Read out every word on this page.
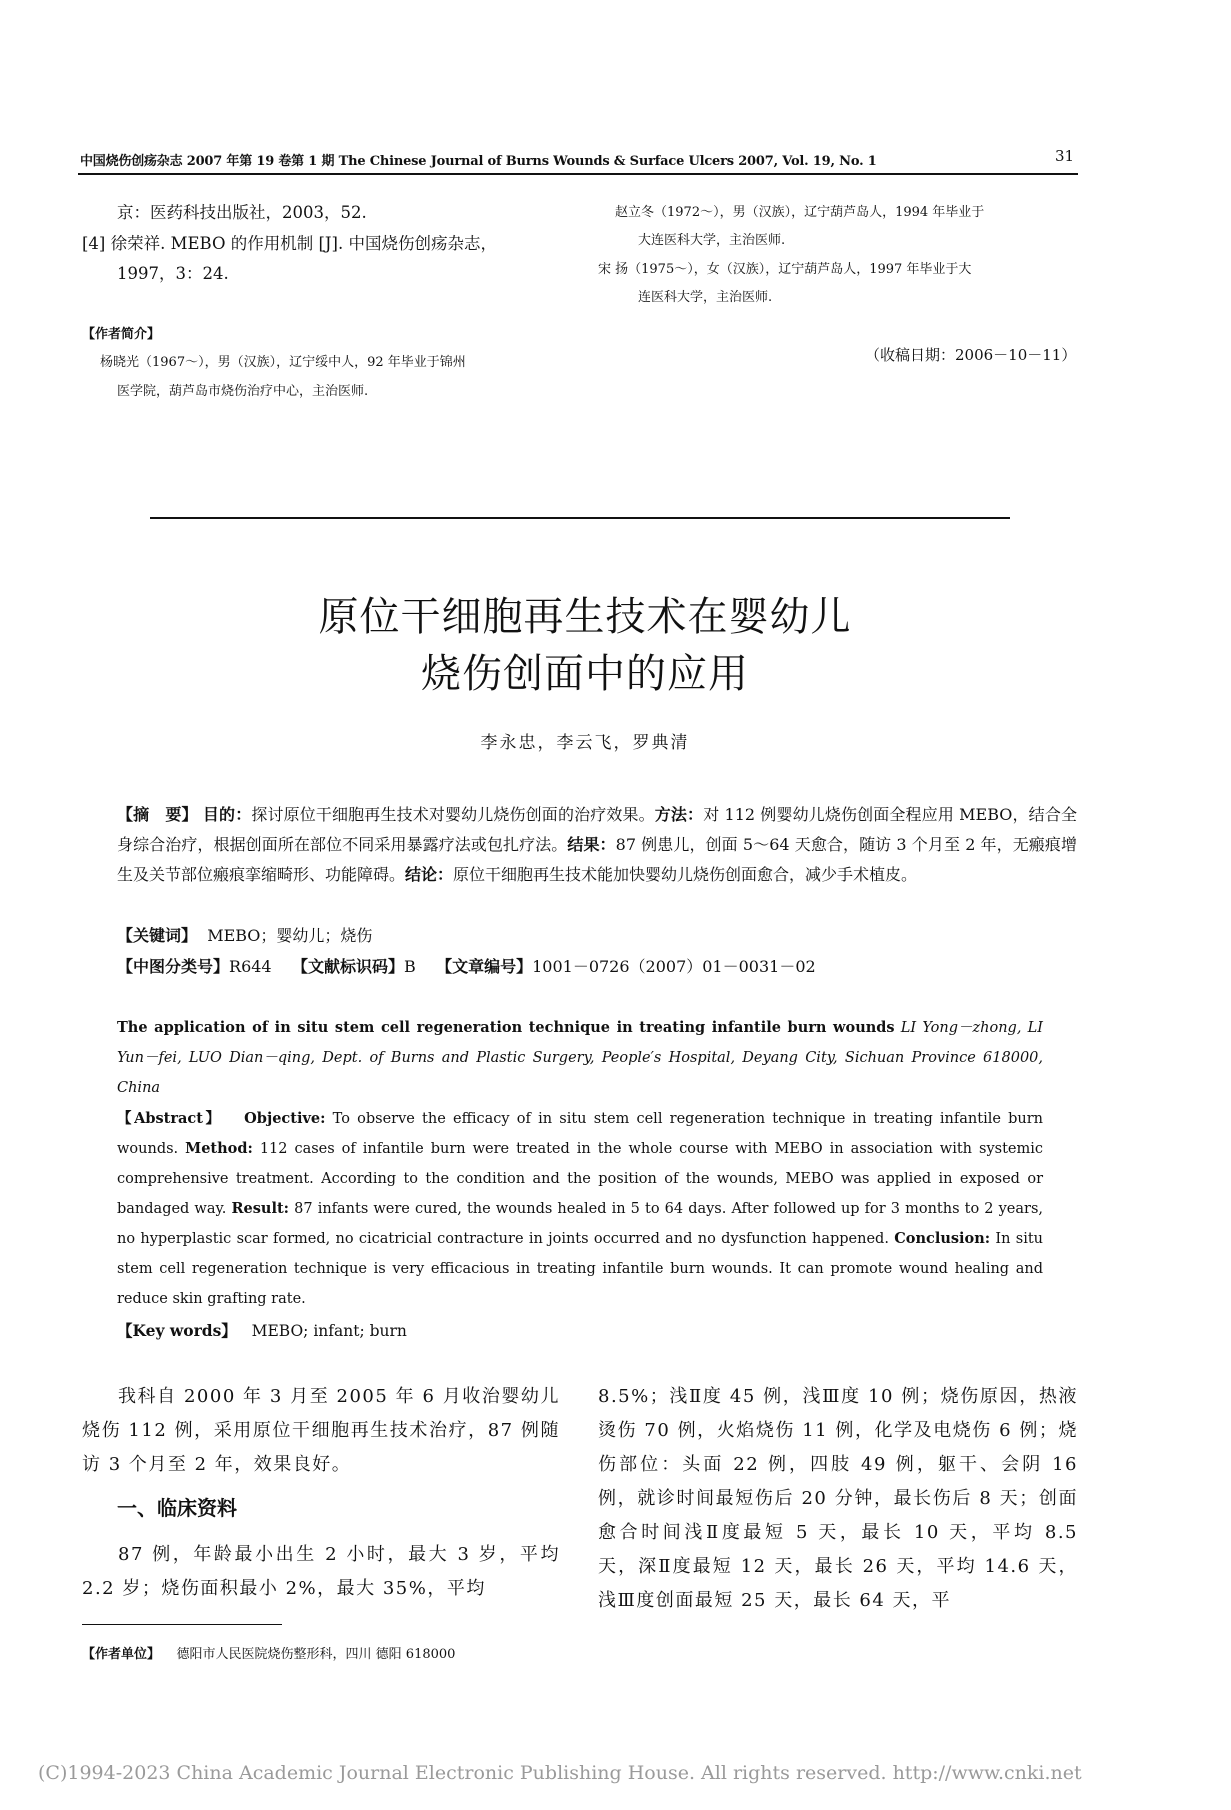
中国烧伤创疡杂志 2007 年第 19 卷第 1 期 The Chinese Journal of Burns Wounds & Surface Ulcers 2007, Vol. 19, No. 1	31
京：医药科技出版社，2003，52.
[4] 徐荣祥. MEBO 的作用机制 [J]. 中国烧伤创疡杂志，
1997，3：24.
【作者简介】
杨晓光（1967～），男（汉族），辽宁绥中人，92 年毕业于锦州
医学院，葫芦岛市烧伤治疗中心，主治医师.
赵立冬（1972～），男（汉族），辽宁葫芦岛人，1994 年毕业于
大连医科大学，主治医师.
宋 扬（1975～），女（汉族），辽宁葫芦岛人，1997 年毕业于大
连医科大学，主治医师.
（收稿日期：2006－10－11）
原位干细胞再生技术在婴幼儿
烧伤创面中的应用
李永忠，李云飞，罗典清
【摘　要】 目的：探讨原位干细胞再生技术对婴幼儿烧伤创面的治疗效果。方法：对 112 例婴幼儿烧伤创面全程应用 MEBO，结合全身综合治疗，根据创面所在部位不同采用暴露疗法或包扎疗法。结果：87 例患儿，创面 5～64 天愈合，随访 3 个月至 2 年，无瘢痕增生及关节部位瘢痕挛缩畸形、功能障碍。结论：原位干细胞再生技术能加快婴幼儿烧伤创面愈合，减少手术植皮。
【关键词】 MEBO；婴幼儿；烧伤
【中图分类号】R644 【文献标识码】B 【文章编号】1001－0726（2007）01－0031－02
The application of in situ stem cell regeneration technique in treating infantile burn wounds LI Yong－zhong, LI Yun－fei, LUO Dian－qing, Dept. of Burns and Plastic Surgery, People′s Hospital, Deyang City, Sichuan Province 618000, China
【Abstract】 Objective: To observe the efficacy of in situ stem cell regeneration technique in treating infantile burn wounds. Method: 112 cases of infantile burn were treated in the whole course with MEBO in association with systemic comprehensive treatment. According to the condition and the position of the wounds, MEBO was applied in exposed or bandaged way. Result: 87 infants were cured, the wounds healed in 5 to 64 days. After followed up for 3 months to 2 years, no hyperplastic scar formed, no cicatricial contracture in joints occurred and no dysfunction happened. Conclusion: In situ stem cell regeneration technique is very efficacious in treating infantile burn wounds. It can promote wound healing and reduce skin grafting rate.
【Key words】 MEBO; infant; burn
我科自 2000 年 3 月至 2005 年 6 月收治婴幼儿烧伤 112 例，采用原位干细胞再生技术治疗，87 例随访 3 个月至 2 年，效果良好。
一、临床资料
87 例，年龄最小出生 2 小时，最大 3 岁，平均 2.2 岁；烧伤面积最小 2%，最大 35%，平均
8.5%；浅Ⅱ度 45 例，浅Ⅲ度 10 例；烧伤原因，热液烫伤 70 例，火焰烧伤 11 例，化学及电烧伤 6 例；烧伤部位：头面 22 例，四肢 49 例，躯干、会阴 16 例，就诊时间最短伤后 20 分钟，最长伤后 8 天；创面愈合时间浅Ⅱ度最短 5 天，最长 10 天，平均 8.5 天，深Ⅱ度最短 12 天，最长 26 天，平均 14.6 天，浅Ⅲ度创面最短 25 天，最长 64 天，平
【作者单位】 德阳市人民医院烧伤整形科，四川 德阳 618000
(C)1994-2023 China Academic Journal Electronic Publishing House. All rights reserved. http://www.cnki.net
